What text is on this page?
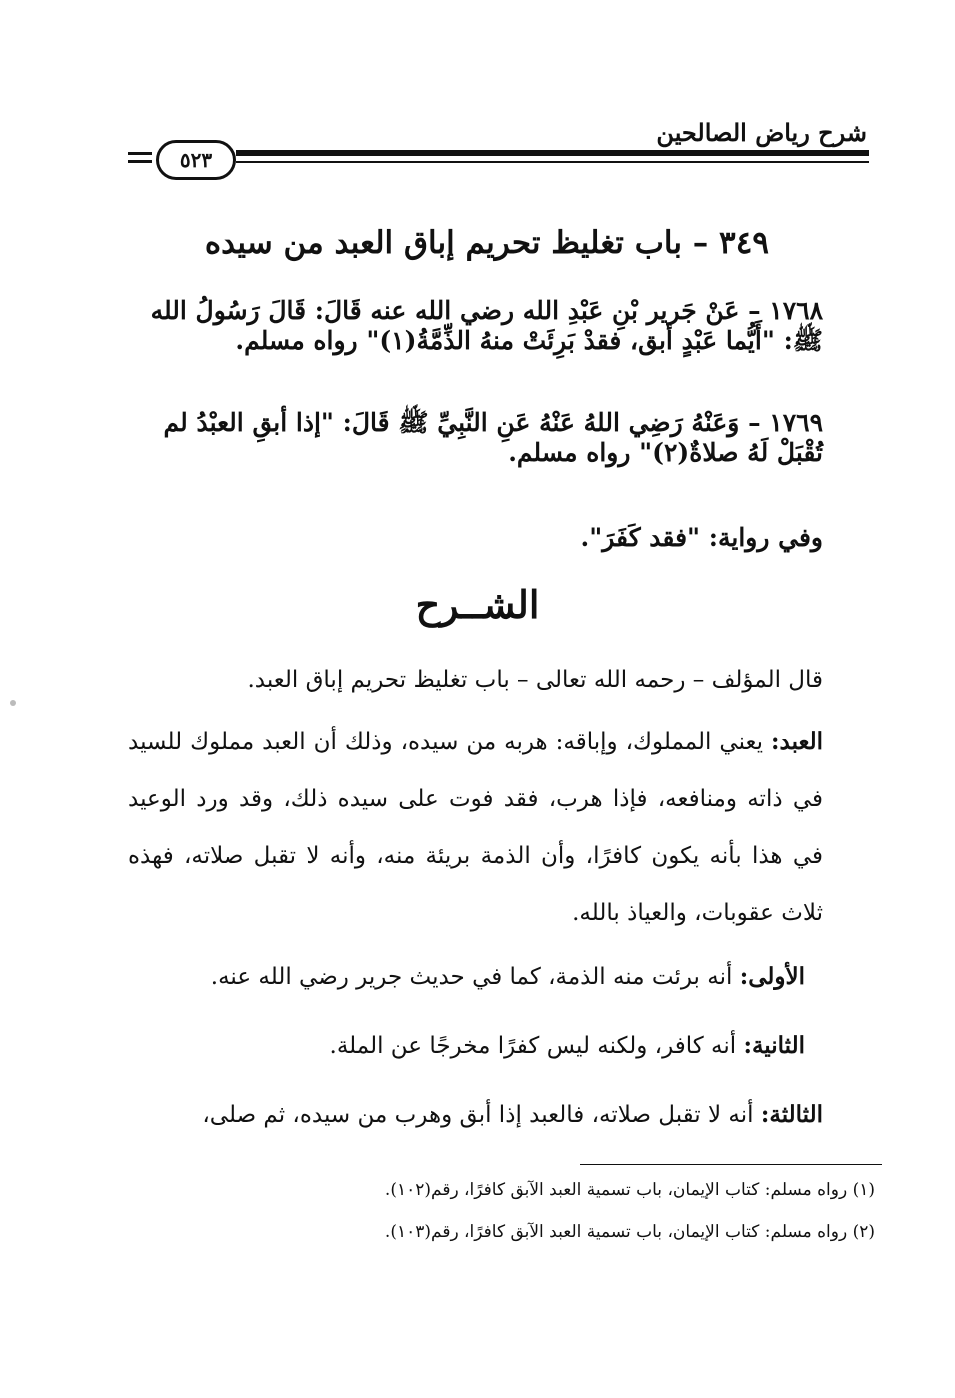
شرح رياض الصالحين
٥٢٣
٣٤٩ – باب تغليظ تحريم إباق العبد من سيده
١٧٦٨ – عَنْ جَرير بْنِ عَبْدِ الله رضي الله عنه قَالَ: قَالَ رَسُولُ الله ﷺ: "أَيُّما عَبْدٍ أبق، فقدْ بَرِئَتْ منهُ الذِّمَّةُ(١)" رواه مسلم.
١٧٦٩ – وَعَنْهُ رَضِي اللهُ عَنْهُ عَنِ النَّبِيِّ ﷺ قَالَ: "إذا أبقِ العبْدُ لم تُقْبَلْ لَهُ صلاةٌ(٢)" رواه مسلم.
وفي رواية: "فقد كَفَرَ".
الشــرح
قال المؤلف – رحمه الله تعالى – باب تغليظ تحريم إباق العبد.
العبد: يعني المملوك، وإباقه: هربه من سيده، وذلك أن العبد مملوك للسيد في ذاته ومنافعه، فإذا هرب، فقد فوت على سيده ذلك، وقد ورد الوعيد في هذا بأنه يكون كافرًا، وأن الذمة بريئة منه، وأنه لا تقبل صلاته، فهذه ثلاث عقوبات، والعياذ بالله.
الأولى: أنه برئت منه الذمة، كما في حديث جرير رضي الله عنه.
الثانية: أنه كافر، ولكنه ليس كفرًا مخرجًا عن الملة.
الثالثة: أنه لا تقبل صلاته، فالعبد إذا أبق وهرب من سيده، ثم صلى،
(١) رواه مسلم: كتاب الإيمان، باب تسمية العبد الآبق كافرًا، رقم(١٠٢).
(٢) رواه مسلم: كتاب الإيمان، باب تسمية العبد الآبق كافرًا، رقم(١٠٣).
